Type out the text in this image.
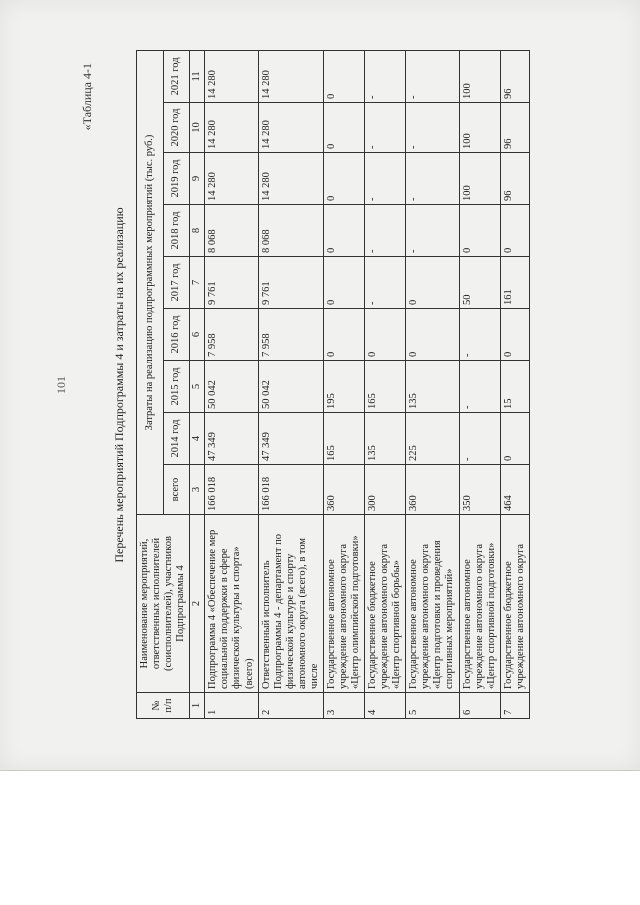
101
«Таблица 4-1
Перечень мероприятий Подпрограммы 4 и затраты на их реализацию
№ п/п	Наименование мероприятий, ответственных исполнителей (соисполнителей), участников Подпрограммы 4	Затраты на реализацию подпрограммных мероприятий (тыс. руб.)								
		всего	2014 год	2015 год	2016 год	2017 год	2018 год	2019 год	2020 год	2021 год
1	2	3	4	5	6	7	8	9	10	11
1	Подпрограмма 4 «Обеспечение мер социальной поддержки в сфере физической культуры и спорта» (всего)	166 018	47 349	50 042	7 958	9 761	8 068	14 280	14 280	14 280
2	Ответственный исполнитель Подпрограммы 4 - департамент по физической культуре и спорту автономного округа (всего), в том числе	166 018	47 349	50 042	7 958	9 761	8 068	14 280	14 280	14 280
3	Государственное автономное учреждение автономного округа «Центр олимпийской подготовки»	360	165	195	0	0	0	0	0	0
4	Государственное бюджетное учреждение автономного округа «Центр спортивной борьбы»	300	135	165	0	-	-	-	-	-
5	Государственное автономное учреждение автономного округа «Центр подготовки и проведения спортивных мероприятий»	360	225	135	0	0	-	-	-	-
6	Государственное автономное учреждение автономного округа «Центр спортивной подготовки»	350	-	-	-	50	0	100	100	100
7	Государственное бюджетное учреждение автономного округа	464	0	15	0	161	0	96	96	96
